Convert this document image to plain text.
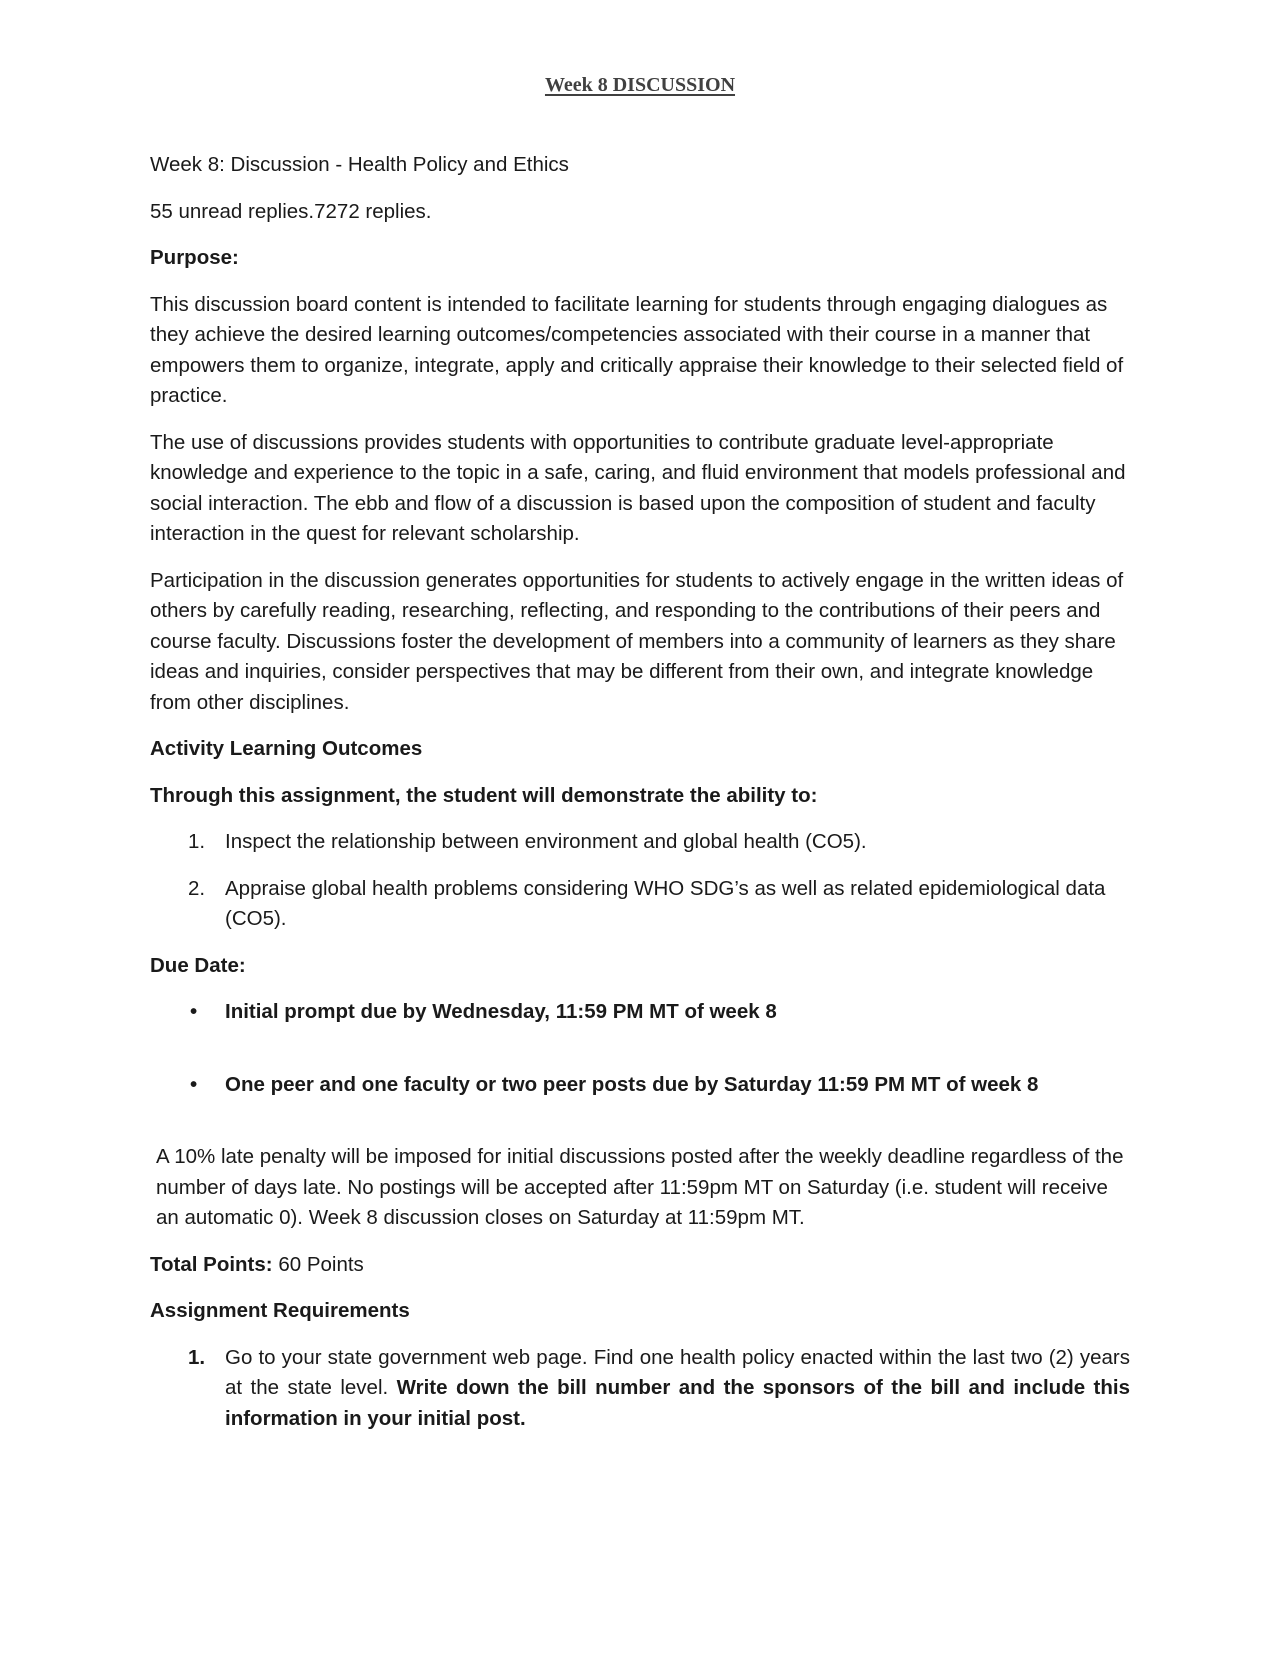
Week 8 DISCUSSION

Week 8: Discussion - Health Policy and Ethics

55 unread replies.7272 replies.

Purpose:

This discussion board content is intended to facilitate learning for students through engaging dialogues as they achieve the desired learning outcomes/competencies associated with their course in a manner that empowers them to organize, integrate, apply and critically appraise their knowledge to their selected field of practice.

The use of discussions provides students with opportunities to contribute graduate level-appropriate knowledge and experience to the topic in a safe, caring, and fluid environment that models professional and social interaction. The ebb and flow of a discussion is based upon the composition of student and faculty interaction in the quest for relevant scholarship.

Participation in the discussion generates opportunities for students to actively engage in the written ideas of others by carefully reading, researching, reflecting, and responding to the contributions of their peers and course faculty. Discussions foster the development of members into a community of learners as they share ideas and inquiries, consider perspectives that may be different from their own, and integrate knowledge from other disciplines.

Activity Learning Outcomes

Through this assignment, the student will demonstrate the ability to:

1. Inspect the relationship between environment and global health (CO5).
2. Appraise global health problems considering WHO SDG’s as well as related epidemiological data (CO5).

Due Date:

• Initial prompt due by Wednesday, 11:59 PM MT of week 8
• One peer and one faculty or two peer posts due by Saturday 11:59 PM MT of week 8

A 10% late penalty will be imposed for initial discussions posted after the weekly deadline regardless of the number of days late. No postings will be accepted after 11:59pm MT on Saturday (i.e. student will receive an automatic 0). Week 8 discussion closes on Saturday at 11:59pm MT.

Total Points: 60 Points

Assignment Requirements

1. Go to your state government web page. Find one health policy enacted within the last two (2) years at the state level. Write down the bill number and the sponsors of the bill and include this information in your initial post.
